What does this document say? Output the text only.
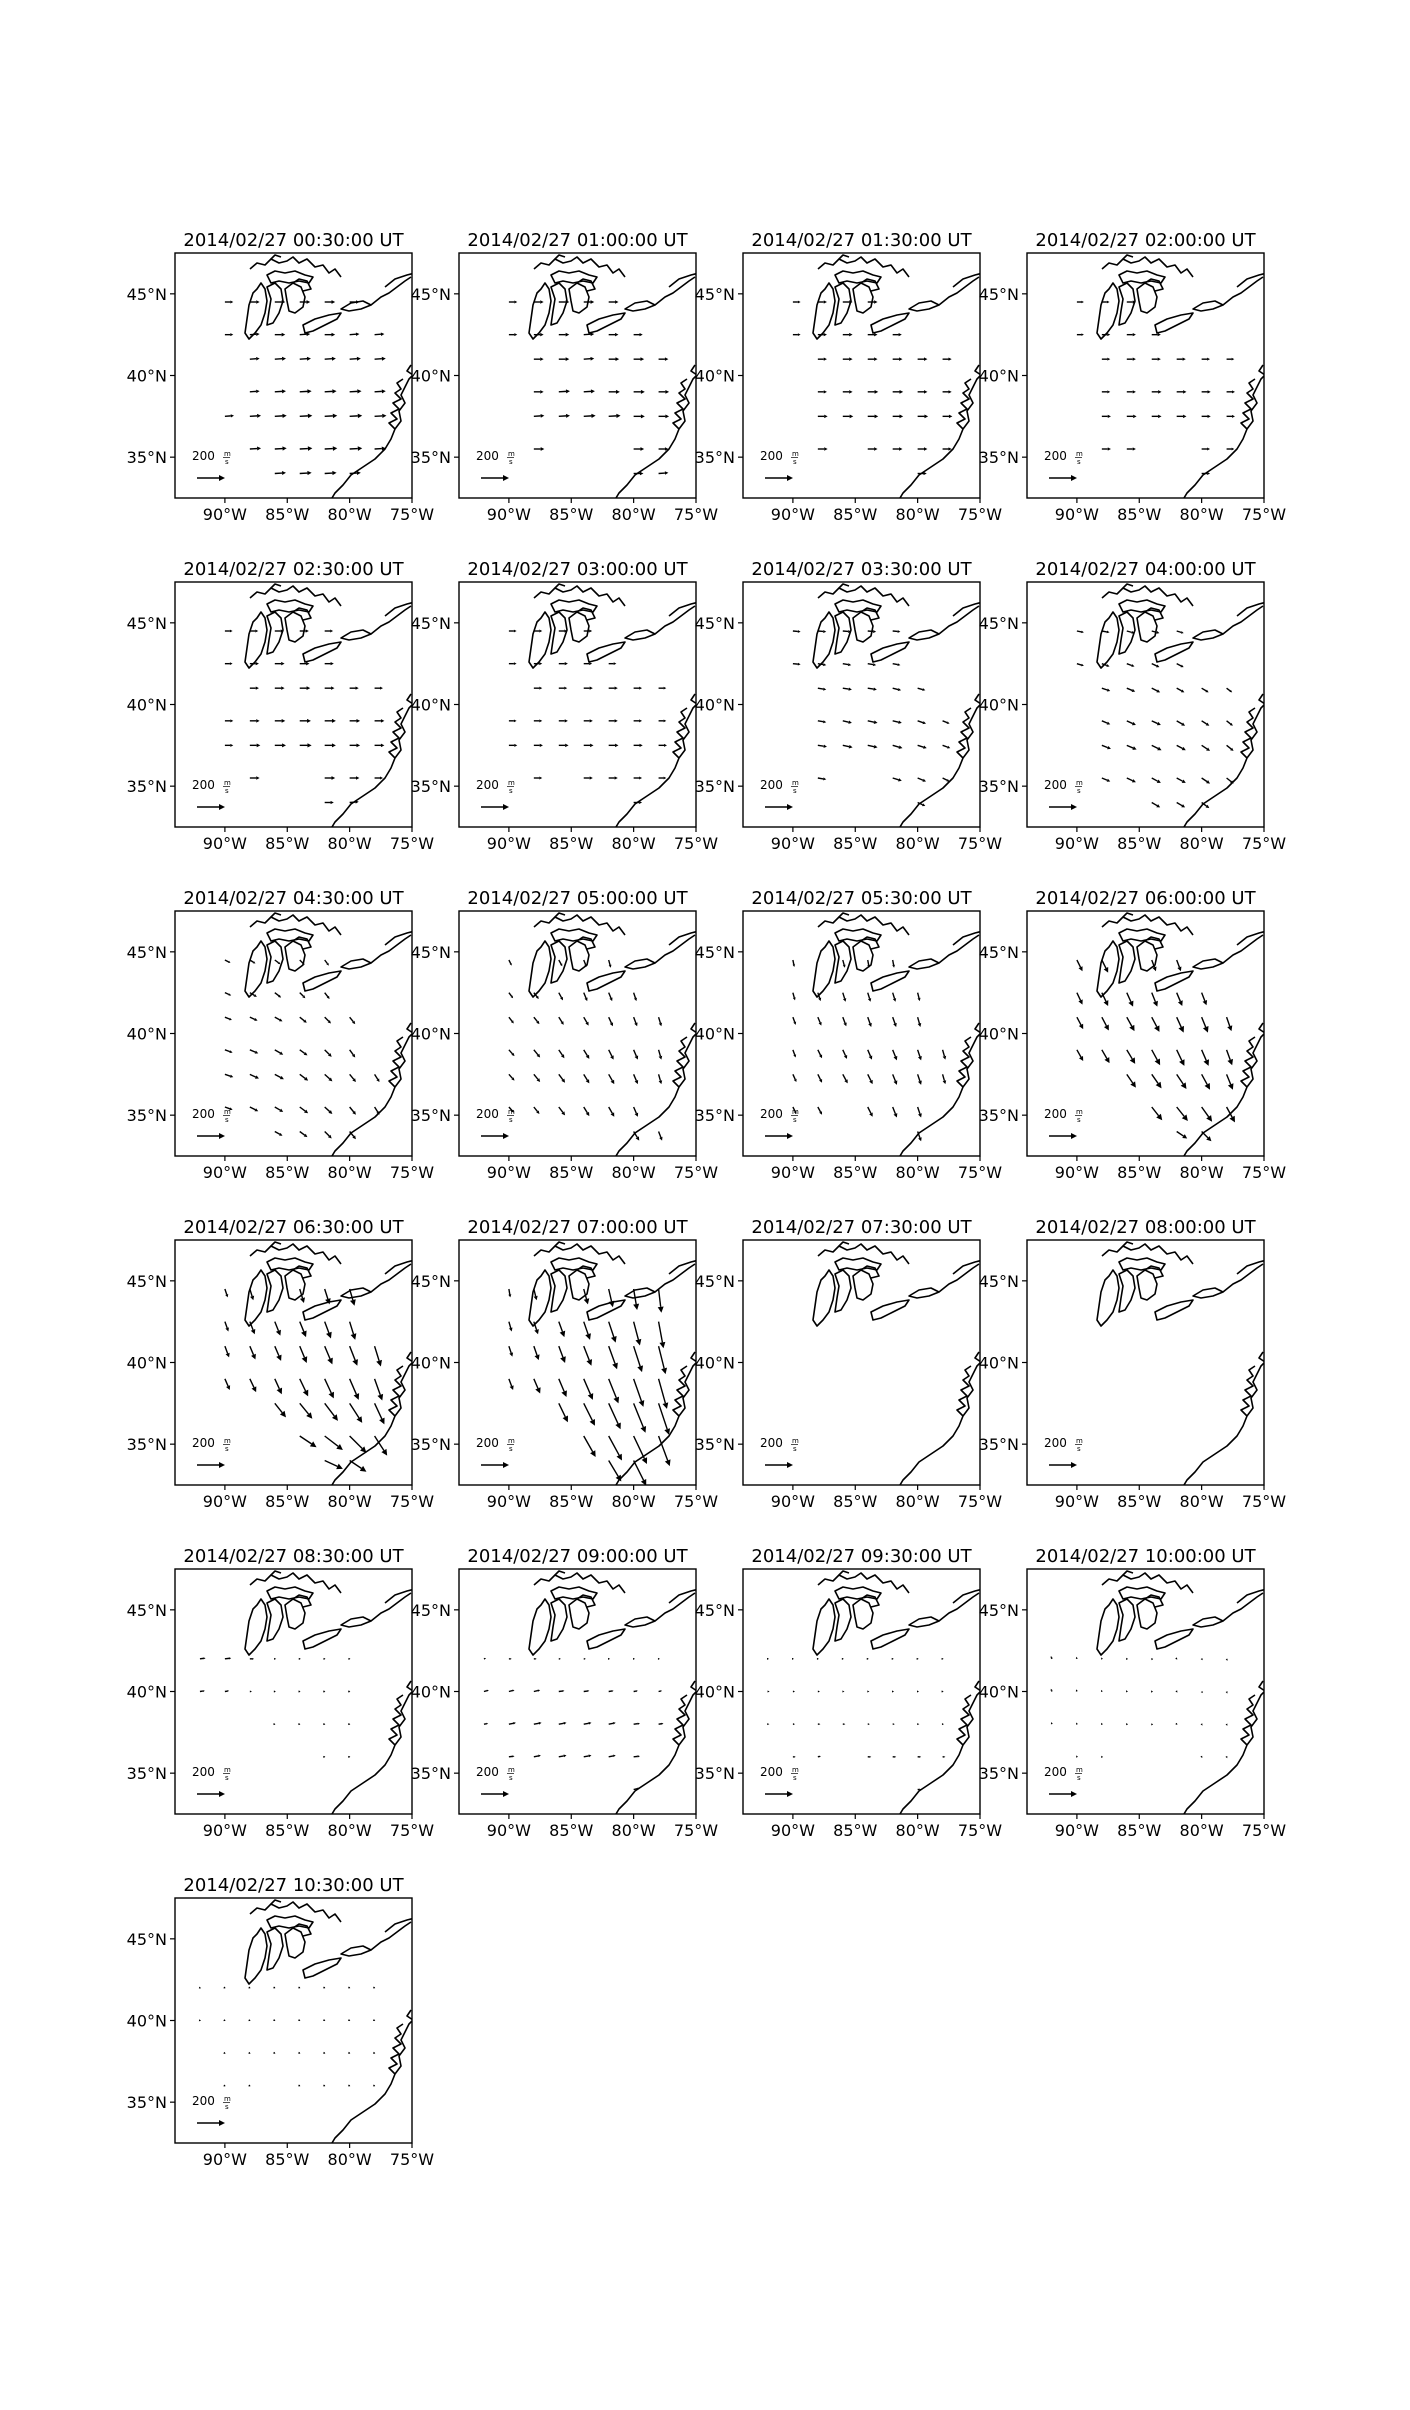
2014/02/27 00:30:00 UT
200 m
s
90°W 85°W 80°W 75°W
45°N
40°N
35°N
2014/02/27 01:00:00 UT
200 m
s
90°W 85°W 80°W 75°W
45°N
40°N
35°N
2014/02/27 01:30:00 UT
200 m
s
90°W 85°W 80°W 75°W
45°N
40°N
35°N
2014/02/27 02:00:00 UT
200 m
s
90°W 85°W 80°W 75°W
45°N
40°N
35°N
2014/02/27 02:30:00 UT
200 m
s
90°W 85°W 80°W 75°W
45°N
40°N
35°N
2014/02/27 03:00:00 UT
200 m
s
90°W 85°W 80°W 75°W
45°N
40°N
35°N
2014/02/27 03:30:00 UT
200 m
s
90°W 85°W 80°W 75°W
45°N
40°N
35°N
2014/02/27 04:00:00 UT
200 m
s
90°W 85°W 80°W 75°W
45°N
40°N
35°N
2014/02/27 04:30:00 UT
200 m
s
90°W 85°W 80°W 75°W
45°N
40°N
35°N
2014/02/27 05:00:00 UT
200 m
s
90°W 85°W 80°W 75°W
45°N
40°N
35°N
2014/02/27 05:30:00 UT
200 m
s
90°W 85°W 80°W 75°W
45°N
40°N
35°N
2014/02/27 06:00:00 UT
200 m
s
90°W 85°W 80°W 75°W
45°N
40°N
35°N
2014/02/27 06:30:00 UT
200 m
s
90°W 85°W 80°W 75°W
45°N
40°N
35°N
2014/02/27 07:00:00 UT
200 m
s
90°W 85°W 80°W 75°W
45°N
40°N
35°N
2014/02/27 07:30:00 UT
200 m
s
90°W 85°W 80°W 75°W
45°N
40°N
35°N
2014/02/27 08:00:00 UT
200 m
s
90°W 85°W 80°W 75°W
45°N
40°N
35°N
2014/02/27 08:30:00 UT
200 m
s
90°W 85°W 80°W 75°W
45°N
40°N
35°N
2014/02/27 09:00:00 UT
200 m
s
90°W 85°W 80°W 75°W
45°N
40°N
35°N
2014/02/27 09:30:00 UT
200 m
s
90°W 85°W 80°W 75°W
45°N
40°N
35°N
2014/02/27 10:00:00 UT
200 m
s
90°W 85°W 80°W 75°W
45°N
40°N
35°N
2014/02/27 10:30:00 UT
200 m
s
90°W 85°W 80°W 75°W
45°N
40°N
35°N
